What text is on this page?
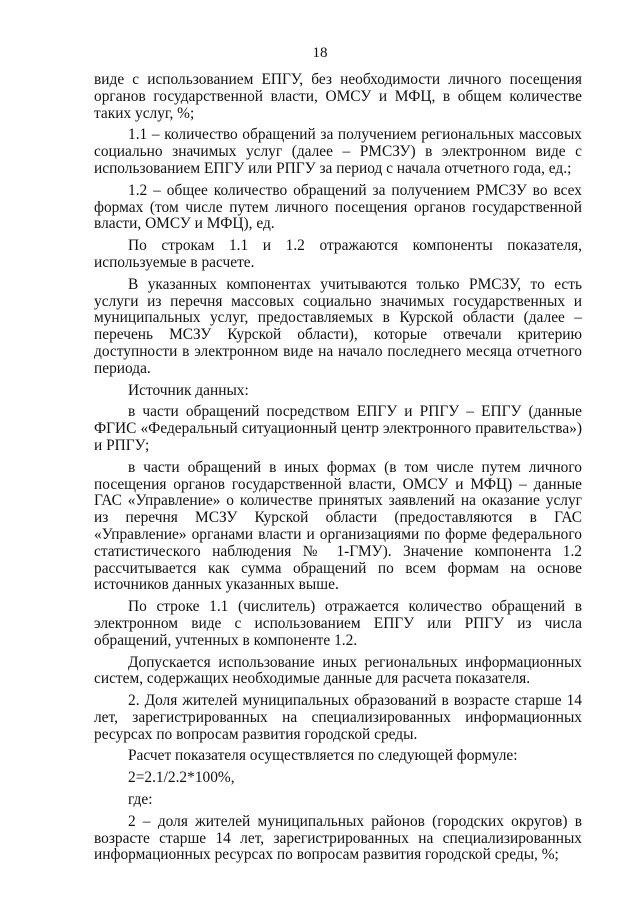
18

виде с использованием ЕПГУ, без необходимости личного посещения органов государственной власти, ОМСУ и МФЦ, в общем количестве таких услуг, %;

1.1 – количество обращений за получением региональных массовых социально значимых услуг (далее – РМСЗУ) в электронном виде с использованием ЕПГУ или РПГУ за период с начала отчетного года, ед.;

1.2 – общее количество обращений за получением РМСЗУ во всех формах (том числе путем личного посещения органов государственной власти, ОМСУ и МФЦ), ед.

По строкам 1.1 и 1.2 отражаются компоненты показателя, используемые в расчете.

В указанных компонентах учитываются только РМСЗУ, то есть услуги из перечня массовых социально значимых государственных и муниципальных услуг, предоставляемых в Курской области (далее – перечень МСЗУ Курской области), которые отвечали критерию доступности в электронном виде на начало последнего месяца отчетного периода.

Источник данных:

в части обращений посредством ЕПГУ и РПГУ – ЕПГУ (данные ФГИС «Федеральный ситуационный центр электронного правительства») и РПГУ;

в части обращений в иных формах (в том числе путем личного посещения органов государственной власти, ОМСУ и МФЦ) – данные ГАС «Управление» о количестве принятых заявлений на оказание услуг из перечня МСЗУ Курской области (предоставляются в ГАС «Управление» органами власти и организациями по форме федерального статистического наблюдения № 1-ГМУ). Значение компонента 1.2 рассчитывается как сумма обращений по всем формам на основе источников данных указанных выше.

По строке 1.1 (числитель) отражается количество обращений в электронном виде с использованием ЕПГУ или РПГУ из числа обращений, учтенных в компоненте 1.2.

Допускается использование иных региональных информационных систем, содержащих необходимые данные для расчета показателя.

2. Доля жителей муниципальных образований в возрасте старше 14 лет, зарегистрированных на специализированных информационных ресурсах по вопросам развития городской среды.

Расчет показателя осуществляется по следующей формуле:

2=2.1/2.2*100%,

где:

2 – доля жителей муниципальных районов (городских округов) в возрасте старше 14 лет, зарегистрированных на специализированных информационных ресурсах по вопросам развития городской среды, %;
